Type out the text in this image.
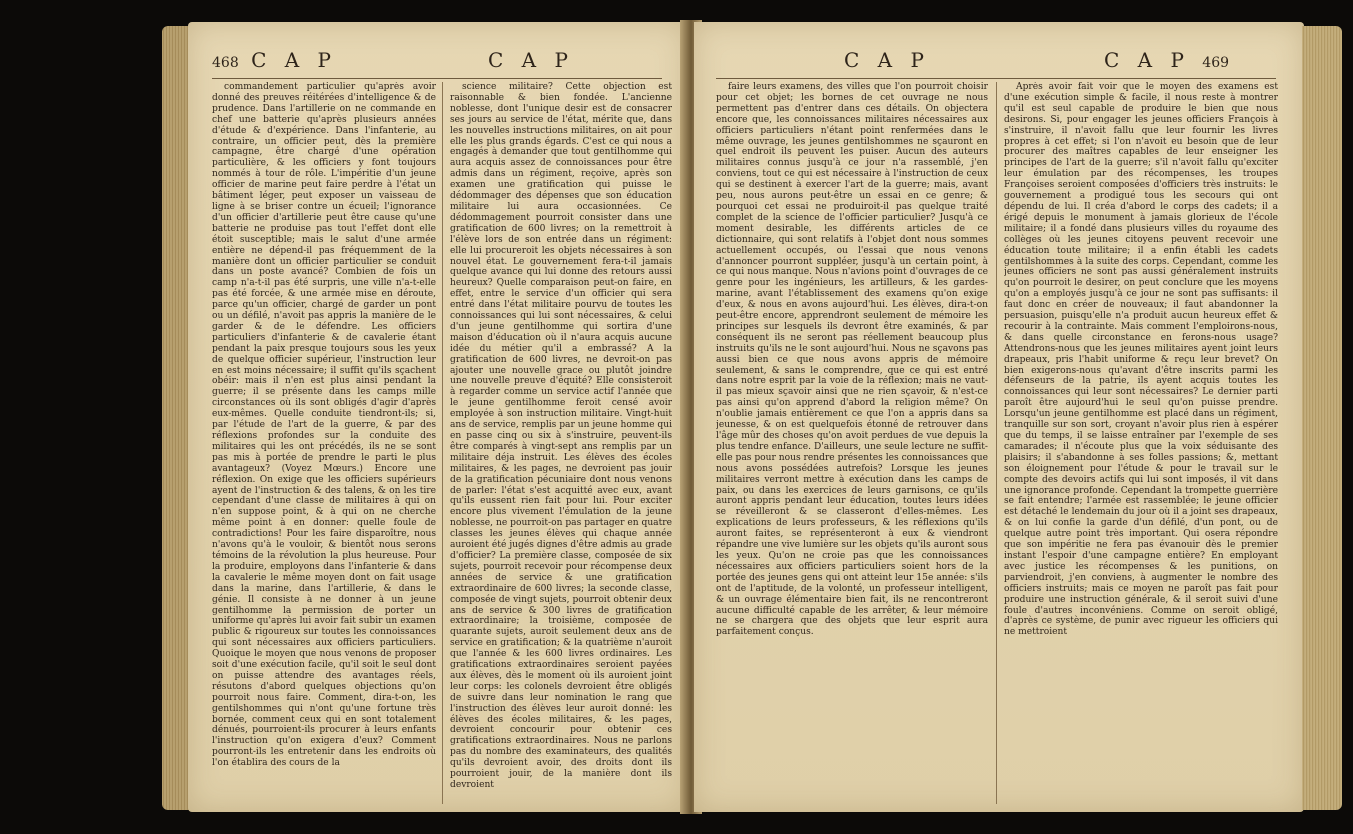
468 C A P	C A P

commandement particulier qu'après avoir donné des preuves réitérées d'intelligence & de prudence. Dans l'artillerie on ne commande en chef une batterie qu'après plusieurs années d'étude & d'expérience. Dans l'infanterie, au contraire, un officier peut, dès la première campagne, être chargé d'une opération particulière, & les officiers y font toujours nommés à tour de rôle. L'impéritie d'un jeune officier de marine peut faire perdre à l'état un bâtiment léger, peut exposer un vaisseau de ligne à se briser contre un écueil; l'ignorance d'un officier d'artillerie peut être cause qu'une batterie ne produise pas tout l'effet dont elle étoit susceptible; mais le salut d'une armée entière ne dépend-il pas fréquemment de la manière dont un officier particulier se conduit dans un poste avancé? Combien de fois un camp n'a-t-il pas été surpris, une ville n'a-t-elle pas été forcée, & une armée mise en déroute, parce qu'un officier, chargé de garder un pont ou un défilé, n'avoit pas appris la manière de le garder & de le défendre. Les officiers particuliers d'infanterie & de cavalerie étant pendant la paix presque toujours sous les yeux de quelque officier supérieur, l'instruction leur en est moins nécessaire; il suffit qu'ils sçachent obéir: mais il n'en est plus ainsi pendant la guerre; il se présente dans les camps mille circonstances où ils sont obligés d'agir d'après eux-mêmes. Quelle conduite tiendront-ils; si, par l'étude de l'art de la guerre, & par des réflexions profondes sur la conduite des militaires qui les ont précédés, ils ne se sont pas mis à portée de prendre le parti le plus avantageux? (Voyez Mœurs.) Encore une réflexion. On exige que les officiers supérieurs ayent de l'instruction & des talens, & on les tire cependant d'une classe de militaires à qui on n'en suppose point, & à qui on ne cherche même point à en donner: quelle foule de contradictions! Pour les faire disparoître, nous n'avons qu'à le vouloir, & bientôt nous serons témoins de la révolution la plus heureuse. Pour la produire, employons dans l'infanterie & dans la cavalerie le même moyen dont on fait usage dans la marine, dans l'artillerie, & dans le génie. Il consiste à ne donner à un jeune gentilhomme la permission de porter un uniforme qu'après lui avoir fait subir un examen public & rigoureux sur toutes les connoissances qui sont nécessaires aux officiers particuliers. Quoique le moyen que nous venons de proposer soit d'une exécution facile, qu'il soit le seul dont on puisse attendre des avantages réels, résutons d'abord quelques objections qu'on pourroit nous faire. Comment, dira-t-on, les gentilshommes qui n'ont qu'une fortune très bornée, comment ceux qui en sont totalement dénués, pourroient-ils procurer à leurs enfants l'instruction qu'on exigera d'eux? Comment pourront-ils les entretenir dans les endroits où l'on établira des cours de la

science militaire? Cette objection est raisonnable & bien fondée. L'ancienne noblesse, dont l'unique desir est de consacrer ses jours au service de l'état, mérite que, dans les nouvelles instructions militaires, on ait pour elle les plus grands égards. C'est ce qui nous a engagés à demander que tout gentilhomme qui aura acquis assez de connoissances pour être admis dans un régiment, reçoive, après son examen une gratification qui puisse le dédommager des dépenses que son éducation militaire lui aura occasionnées. Ce dédommagement pourroit consister dans une gratification de 600 livres; on la remettroit à l'élève lors de son entrée dans un régiment: elle lui procureroit les objets nécessaires à son nouvel état. Le gouvernement fera-t-il jamais quelque avance qui lui donne des retours aussi heureux? Quelle comparaison peut-on faire, en effet, entre le service d'un officier qui sera entré dans l'état militaire pourvu de toutes les connoissances qui lui sont nécessaires, & celui d'un jeune gentilhomme qui sortira d'une maison d'éducation où il n'aura acquis aucune idée du métier qu'il a embrassé? A la gratification de 600 livres, ne devroit-on pas ajouter une nouvelle grace ou plutôt joindre une nouvelle preuve d'équité? Elle consisteroit à regarder comme un service actif l'année que le jeune gentilhomme feroit censé avoir employée à son instruction militaire. Vingt-huit ans de service, remplis par un jeune homme qui en passe cinq ou six à s'instruire, peuvent-ils être comparés à vingt-sept ans remplis par un militaire déja instruit. Les élèves des écoles militaires, & les pages, ne devroient pas jouir de la gratification pécuniaire dont nous venons de parler: l'état s'est acquitté avec eux, avant qu'ils eussent rien fait pour lui. Pour exciter encore plus vivement l'émulation de la jeune noblesse, ne pourroit-on pas partager en quatre classes les jeunes élèves qui chaque année auroient été jugés dignes d'être admis au grade d'officier? La première classe, composée de six sujets, pourroit recevoir pour récompense deux années de service & une gratification extraordinaire de 600 livres; la seconde classe, composée de vingt sujets, pourroit obtenir deux ans de service & 300 livres de gratification extraordinaire; la troisième, composée de quarante sujets, auroit seulement deux ans de service en gratification; & la quatrième n'auroit que l'année & les 600 livres ordinaires. Les gratifications extraordinaires seroient payées aux élèves, dès le moment où ils auroient joint leur corps: les colonels devroient être obligés de suivre dans leur nomination le rang que l'instruction des élèves leur auroit donné: les élèves des écoles militaires, & les pages, devroient concourir pour obtenir ces gratifications extraordinaires. Nous ne parlons pas du nombre des examinateurs, des qualités qu'ils devroient avoir, des droits dont ils pourroient jouir, de la manière dont ils devroient

C A P	C A P 469

faire leurs examens, des villes que l'on pourroit choisir pour cet objet; les bornes de cet ouvrage ne nous permettent pas d'entrer dans ces détails. On objectera encore que, les connoissances militaires nécessaires aux officiers particuliers n'étant point renfermées dans le même ouvrage, les jeunes gentilshommes ne sçauront en quel endroit ils peuvent les puiser. Aucun des auteurs militaires connus jusqu'à ce jour n'a rassemblé, j'en conviens, tout ce qui est nécessaire à l'instruction de ceux qui se destinent à exercer l'art de la guerre; mais, avant peu, nous aurons peut-être un essai en ce genre; & pourquoi cet essai ne produiroit-il pas quelque traité complet de la science de l'officier particulier? Jusqu'à ce moment desirable, les différents articles de ce dictionnaire, qui sont relatifs à l'objet dont nous sommes actuellement occupés, ou l'essai que nous venons d'annoncer pourront suppléer, jusqu'à un certain point, à ce qui nous manque. Nous n'avions point d'ouvrages de ce genre pour les ingénieurs, les artilleurs, & les gardes-marine, avant l'établissement des examens qu'on exige d'eux, & nous en avons aujourd'hui. Les élèves, dira-t-on peut-être encore, apprendront seulement de mémoire les principes sur lesquels ils devront être examinés, & par conséquent ils ne seront pas réellement beaucoup plus instruits qu'ils ne le sont aujourd'hui. Nous ne sçavons pas aussi bien ce que nous avons appris de mémoire seulement, & sans le comprendre, que ce qui est entré dans notre esprit par la voie de la réflexion; mais ne vaut-il pas mieux sçavoir ainsi que ne rien sçavoir, & n'est-ce pas ainsi qu'on apprend d'abord la religion même? On n'oublie jamais entièrement ce que l'on a appris dans sa jeunesse, & on est quelquefois étonné de retrouver dans l'âge mûr des choses qu'on avoit perdues de vue depuis la plus tendre enfance. D'ailleurs, une seule lecture ne suffit-elle pas pour nous rendre présentes les connoissances que nous avons possédées autrefois? Lorsque les jeunes militaires verront mettre à exécution dans les camps de paix, ou dans les exercices de leurs garnisons, ce qu'ils auront appris pendant leur éducation, toutes leurs idées se réveilleront & se classeront d'elles-mêmes. Les explications de leurs professeurs, & les réflexions qu'ils auront faites, se représenteront à eux & viendront répandre une vive lumière sur les objets qu'ils auront sous les yeux. Qu'on ne croie pas que les connoissances nécessaires aux officiers particuliers soient hors de la portée des jeunes gens qui ont atteint leur 15e année: s'ils ont de l'aptitude, de la volonté, un professeur intelligent, & un ouvrage élémentaire bien fait, ils ne rencontreront aucune difficulté capable de les arrêter, & leur mémoire ne se chargera que des objets que leur esprit aura parfaitement conçus.

Après avoir fait voir que le moyen des examens est d'une exécution simple & facile, il nous reste à montrer qu'il est seul capable de produire le bien que nous desirons. Si, pour engager les jeunes officiers François à s'instruire, il n'avoit fallu que leur fournir les livres propres à cet effet; si l'on n'avoit eu besoin que de leur procurer des maîtres capables de leur enseigner les principes de l'art de la guerre; s'il n'avoit fallu qu'exciter leur émulation par des récompenses, les troupes Françoises seroient composées d'officiers très instruits: le gouvernement a prodigué tous les secours qui ont dépendu de lui. Il créa d'abord le corps des cadets; il a érigé depuis le monument à jamais glorieux de l'école militaire; il a fondé dans plusieurs villes du royaume des collèges où les jeunes citoyens peuvent recevoir une éducation toute militaire; il a enfin établi les cadets gentilshommes à la suite des corps. Cependant, comme les jeunes officiers ne sont pas aussi généralement instruits qu'on pourroit le desirer, on peut conclure que les moyens qu'on a employés jusqu'à ce jour ne sont pas suffisants: il faut donc en créer de nouveaux; il faut abandonner la persuasion, puisqu'elle n'a produit aucun heureux effet & recourir à la contrainte. Mais comment l'emploirons-nous, & dans quelle circonstance en ferons-nous usage? Attendrons-nous que les jeunes militaires ayent joint leurs drapeaux, pris l'habit uniforme & reçu leur brevet? On bien exigerons-nous qu'avant d'être inscrits parmi les défenseurs de la patrie, ils ayent acquis toutes les connoissances qui leur sont nécessaires? Le dernier parti paroît être aujourd'hui le seul qu'on puisse prendre. Lorsqu'un jeune gentilhomme est placé dans un régiment, tranquille sur son sort, croyant n'avoir plus rien à espérer que du temps, il se laisse entraîner par l'exemple de ses camarades; il n'écoute plus que la voix séduisante des plaisirs; il s'abandonne à ses folles passions; &, mettant son éloignement pour l'étude & pour le travail sur le compte des devoirs actifs qui lui sont imposés, il vit dans une ignorance profonde. Cependant la trompette guerrière se fait entendre; l'armée est rassemblée; le jeune officier est détaché le lendemain du jour où il a joint ses drapeaux, & on lui confie la garde d'un défilé, d'un pont, ou de quelque autre point très important. Qui osera répondre que son impéritie ne fera pas évanouir dès le premier instant l'espoir d'une campagne entière? En employant avec justice les récompenses & les punitions, on parviendroit, j'en conviens, à augmenter le nombre des officiers instruits; mais ce moyen ne paroît pas fait pour produire une instruction générale, & il seroit suivi d'une foule d'autres inconvéniens. Comme on seroit obligé, d'après ce système, de punir avec rigueur les officiers qui ne mettroient
